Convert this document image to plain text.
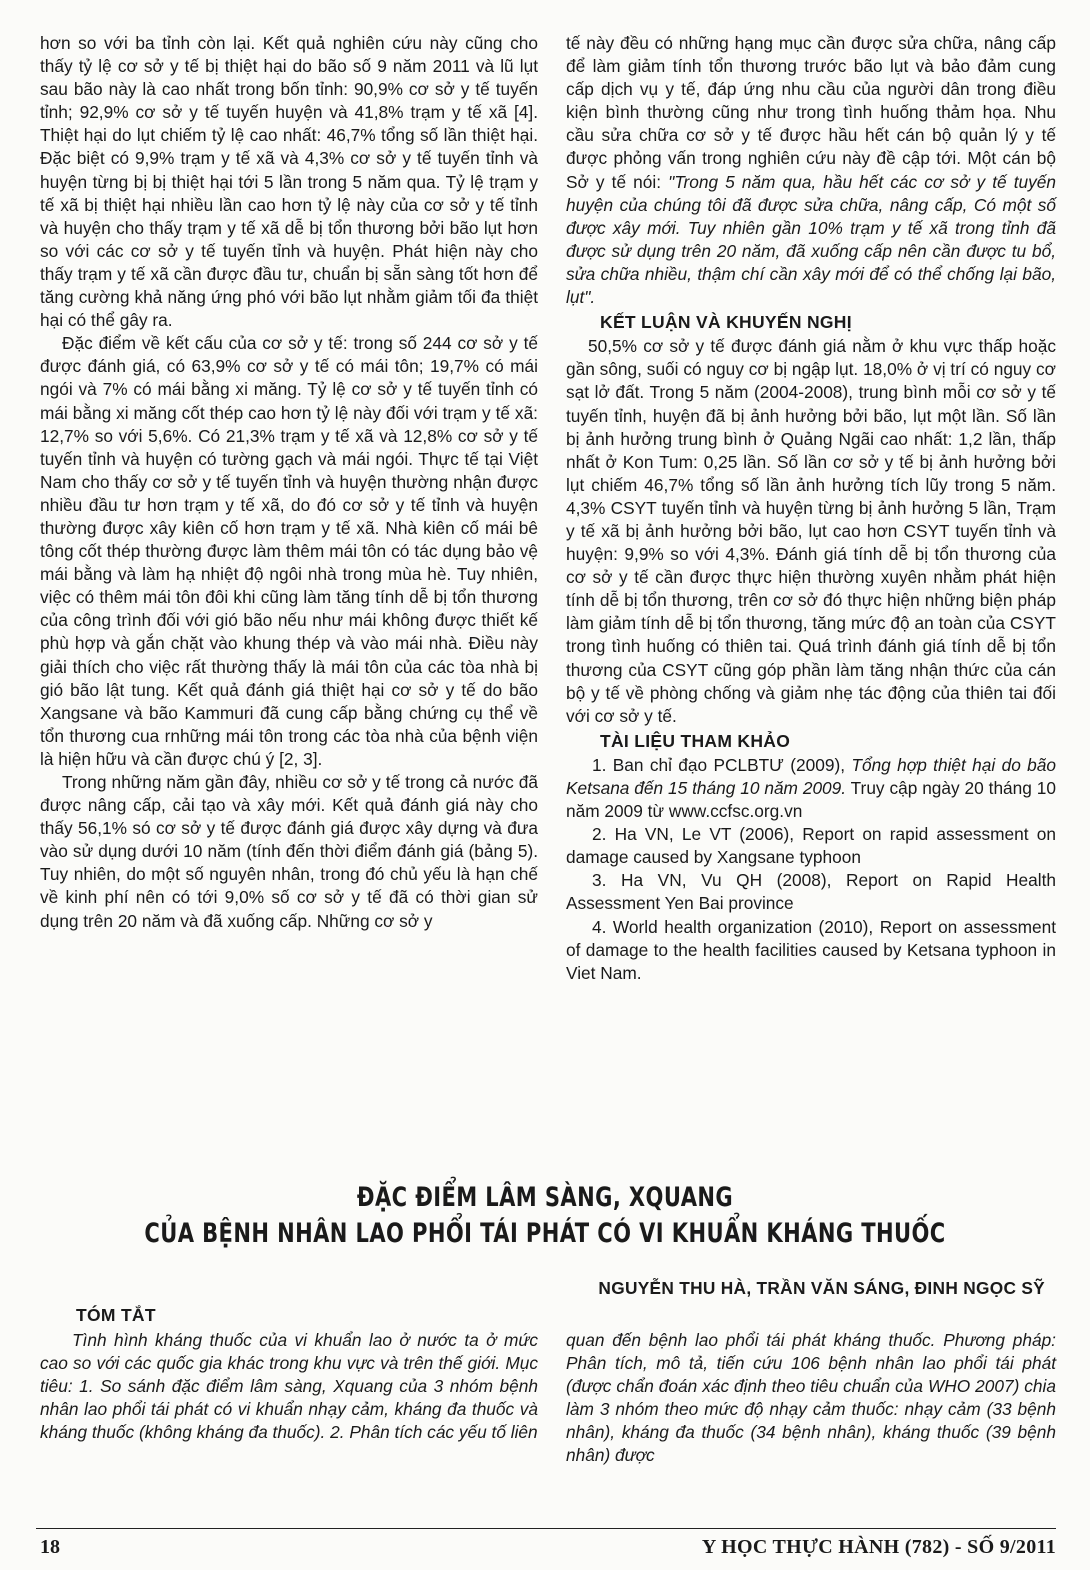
hơn so với ba tỉnh còn lại. Kết quả nghiên cứu này cũng cho thấy tỷ lệ cơ sở y tế bị thiệt hại do bão số 9 năm 2011 và lũ lụt sau bão này là cao nhất trong bốn tỉnh: 90,9% cơ sở y tế tuyến tỉnh; 92,9% cơ sở y tế tuyến huyện và 41,8% trạm y tế xã [4]. Thiệt hại do lụt chiếm tỷ lệ cao nhất: 46,7% tổng số lần thiệt hại. Đặc biệt có 9,9% trạm y tế xã và 4,3% cơ sở y tế tuyến tỉnh và huyện từng bị bị thiệt hại tới 5 lần trong 5 năm qua. Tỷ lệ trạm y tế xã bị thiệt hại nhiều lần cao hơn tỷ lệ này của cơ sở y tế tỉnh và huyện cho thấy trạm y tế xã dễ bị tổn thương bởi bão lụt hơn so với các cơ sở y tế tuyến tỉnh và huyện. Phát hiện này cho thấy trạm y tế xã cần được đầu tư, chuẩn bị sẵn sàng tốt hơn để tăng cường khả năng ứng phó với bão lụt nhằm giảm tối đa thiệt hại có thể gây ra.

Đặc điểm về kết cấu của cơ sở y tế: trong số 244 cơ sở y tế được đánh giá, có 63,9% cơ sở y tế có mái tôn; 19,7% có mái ngói và 7% có mái bằng xi măng. Tỷ lệ cơ sở y tế tuyến tỉnh có mái bằng xi măng cốt thép cao hơn tỷ lệ này đối với trạm y tế xã: 12,7% so với 5,6%. Có 21,3% trạm y tế xã và 12,8% cơ sở y tế tuyến tỉnh và huyện có tường gạch và mái ngói. Thực tế tại Việt Nam cho thấy cơ sở y tế tuyến tỉnh và huyện thường nhận được nhiều đầu tư hơn trạm y tế xã, do đó cơ sở y tế tỉnh và huyện thường được xây kiên cố hơn trạm y tế xã. Nhà kiên cố mái bê tông cốt thép thường được làm thêm mái tôn có tác dụng bảo vệ mái bằng và làm hạ nhiệt độ ngôi nhà trong mùa hè. Tuy nhiên, việc có thêm mái tôn đôi khi cũng làm tăng tính dễ bị tổn thương của công trình đối với gió bão nếu như mái không được thiết kế phù hợp và gắn chặt vào khung thép và vào mái nhà. Điều này giải thích cho việc rất thường thấy là mái tôn của các tòa nhà bị gió bão lật tung. Kết quả đánh giá thiệt hại cơ sở y tế do bão Xangsane và bão Kammuri đã cung cấp bằng chứng cụ thể về tổn thương cua rnhững mái tôn trong các tòa nhà của bệnh viện là hiện hữu và cần được chú ý [2, 3].

Trong những năm gần đây, nhiều cơ sở y tế trong cả nước đã được nâng cấp, cải tạo và xây mới. Kết quả đánh giá này cho thấy 56,1% só cơ sở y tế được đánh giá được xây dựng và đưa vào sử dụng dưới 10 năm (tính đến thời điểm đánh giá (bảng 5). Tuy nhiên, do một số nguyên nhân, trong đó chủ yếu là hạn chế về kinh phí nên có tới 9,0% số cơ sở y tế đã có thời gian sử dụng trên 20 năm và đã xuống cấp. Những cơ sở y

tế này đều có những hạng mục cần được sửa chữa, nâng cấp để làm giảm tính tổn thương trước bão lụt và bảo đảm cung cấp dịch vụ y tế, đáp ứng nhu cầu của người dân trong điều kiện bình thường cũng như trong tình huống thảm họa. Nhu cầu sửa chữa cơ sở y tế được hầu hết cán bộ quản lý y tế được phỏng vấn trong nghiên cứu này đề cập tới. Một cán bộ Sở y tế nói: "Trong 5 năm qua, hầu hết các cơ sở y tế tuyến huyện của chúng tôi đã được sửa chữa, nâng cấp, Có một số được xây mới. Tuy nhiên gần 10% trạm y tế xã trong tỉnh đã được sử dụng trên 20 năm, đã xuống cấp nên cần được tu bổ, sửa chữa nhiều, thậm chí cần xây mới để có thể chống lại bão, lụt".

KẾT LUẬN VÀ KHUYẾN NGHỊ

50,5% cơ sở y tế được đánh giá nằm ở khu vực thấp hoặc gần sông, suối có nguy cơ bị ngập lụt. 18,0% ở vị trí có nguy cơ sạt lở đất. Trong 5 năm (2004-2008), trung bình mỗi cơ sở y tế tuyến tỉnh, huyện đã bị ảnh hưởng bởi bão, lụt một lần. Số lần bị ảnh hưởng trung bình ở Quảng Ngãi cao nhất: 1,2 lần, thấp nhất ở Kon Tum: 0,25 lần. Số lần cơ sở y tế bị ảnh hưởng bởi lụt chiếm 46,7% tổng số lần ảnh hưởng tích lũy trong 5 năm. 4,3% CSYT tuyến tỉnh và huyện từng bị ảnh hưởng 5 lần, Trạm y tế xã bị ảnh hưởng bởi bão, lụt cao hơn CSYT tuyến tỉnh và huyện: 9,9% so với 4,3%. Đánh giá tính dễ bị tổn thương của cơ sở y tế cần được thực hiện thường xuyên nhằm phát hiện tính dễ bị tổn thương, trên cơ sở đó thực hiện những biện pháp làm giảm tính dễ bị tổn thương, tăng mức độ an toàn của CSYT trong tình huống có thiên tai. Quá trình đánh giá tính dễ bị tổn thương của CSYT cũng góp phần làm tăng nhận thức của cán bộ y tế về phòng chống và giảm nhẹ tác động của thiên tai đối với cơ sở y tế.

TÀI LIỆU THAM KHẢO

1. Ban chỉ đạo PCLBTƯ (2009), Tổng hợp thiệt hại do bão Ketsana đến 15 tháng 10 năm 2009. Truy cập ngày 20 tháng 10 năm 2009 từ www.ccfsc.org.vn

2. Ha VN, Le VT (2006), Report on rapid assessment on damage caused by Xangsane typhoon

3. Ha VN, Vu QH (2008), Report on Rapid Health Assessment Yen Bai province

4. World health organization (2010), Report on assessment of damage to the health facilities caused by Ketsana typhoon in Viet Nam.

ĐẶC ĐIỂM LÂM SÀNG, XQUANG
CỦA BỆNH NHÂN LAO PHỔI TÁI PHÁT CÓ VI KHUẨN KHÁNG THUỐC
NGUYỄN THU HÀ, TRẦN VĂN SÁNG, ĐINH NGỌC SỸ
TÓM TẮT

Tình hình kháng thuốc của vi khuẩn lao ở nước ta ở mức cao so với các quốc gia khác trong khu vực và trên thế giới. Mục tiêu: 1. So sánh đặc điểm lâm sàng, Xquang của 3 nhóm bệnh nhân lao phổi tái phát có vi khuẩn nhạy cảm, kháng đa thuốc và kháng thuốc (không kháng đa thuốc). 2. Phân tích các yếu tố liên

quan đến bệnh lao phổi tái phát kháng thuốc. Phương pháp: Phân tích, mô tả, tiến cứu 106 bệnh nhân lao phổi tái phát (được chẩn đoán xác định theo tiêu chuẩn của WHO 2007) chia làm 3 nhóm theo mức độ nhạy cảm thuốc: nhạy cảm (33 bệnh nhân), kháng đa thuốc (34 bệnh nhân), kháng thuốc (39 bệnh nhân) được

18	Y HỌC THỰC HÀNH (782) - SỐ 9/2011
